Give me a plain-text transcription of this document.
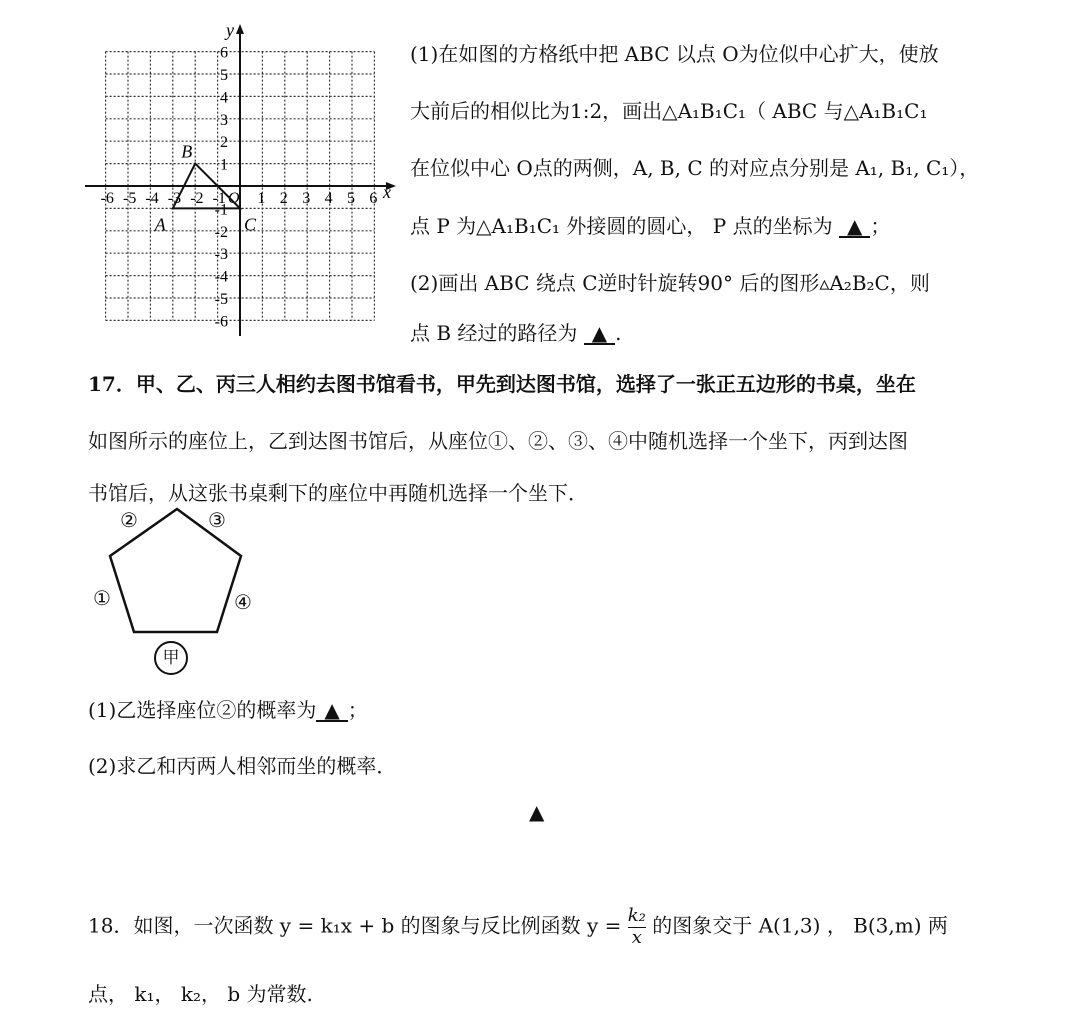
-6
-6
-5
-5
-4
-4
-3
-3
-2
-2
-1
-1
1
1
2
2
3
3
4
4
5
5
6
6
x
y
O
A
B
C
(1)在如图的方格纸中把 ABC 以点 O为位似中心扩大，使放
大前后的相似比为1:2，画出△A₁B₁C₁（ ABC 与△A₁B₁C₁
在位似中心 O点的两侧，A, B, C 的对应点分别是 A₁, B₁, C₁），
点 P 为△A₁B₁C₁ 外接圆的圆心， P 点的坐标为 ▲ ；
(2)画出 ABC 绕点 C逆时针旋转90° 后的图形▵A₂B₂C，则
点 B 经过的路径为 ▲ .
17．甲、乙、丙三人相约去图书馆看书，甲先到达图书馆，选择了一张正五边形的书桌，坐在
如图所示的座位上，乙到达图书馆后，从座位①、②、③、④中随机选择一个坐下，丙到达图
书馆后，从这张书桌剩下的座位中再随机选择一个坐下．
①
②	③
④
甲
(1)乙选择座位②的概率为 ▲ ；
(2)求乙和丙两人相邻而坐的概率．
▲
18．如图，一次函数 y = k₁x + b 的图象与反比例函数 $y = \frac{\text{k₂}}{x}$ 的图象交于 A(1,3) ， B(3,m) 两
点， k₁， k₂， b 为常数.
